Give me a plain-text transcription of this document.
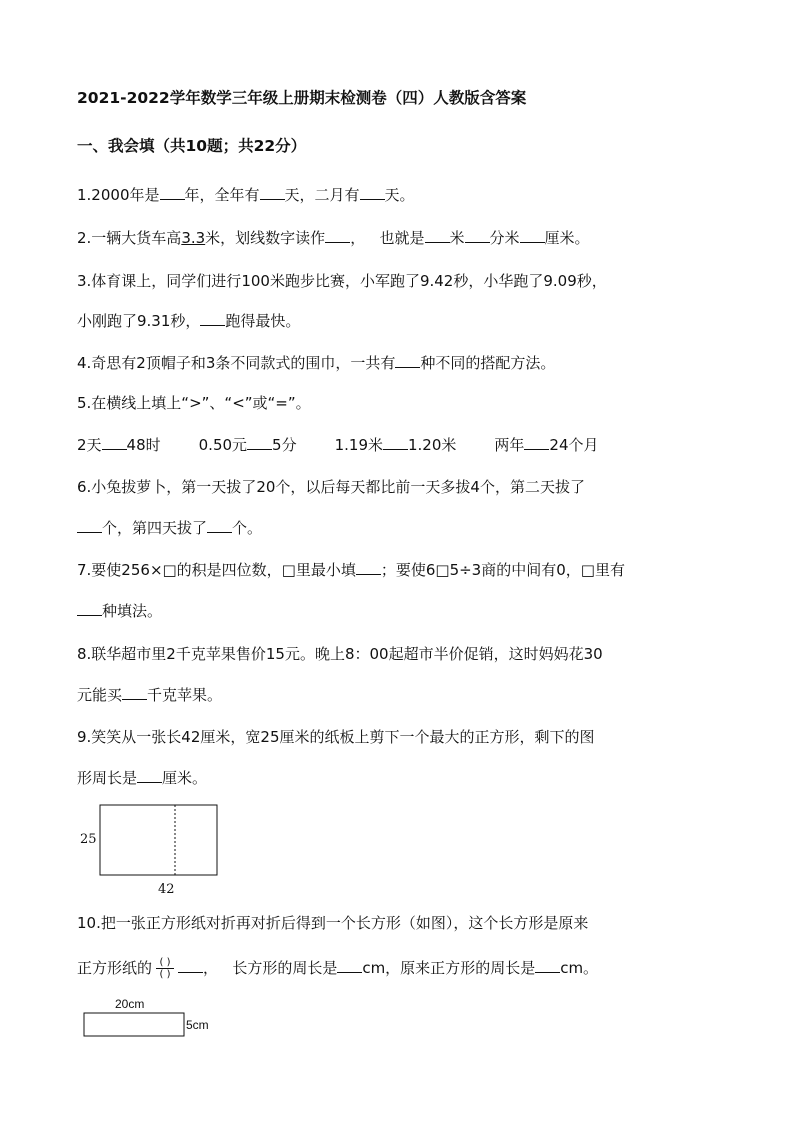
2021-2022学年数学三年级上册期末检测卷（四）人教版含答案
一、我会填（共10题；共22分）
1.2000年是 年，全年有 天，二月有 天。
2.一辆大货车高3.3米，划线数字读作 ，   也就是 米 分米 厘米。
3.体育课上，同学们进行100米跑步比赛，小军跑了9.42秒，小华跑了9.09秒，
小刚跑了9.31秒， 跑得最快。
4.奇思有2顶帽子和3条不同款式的围巾，一共有 种不同的搭配方法。
5.在横线上填上“>”、“<”或“=”。
2天 48时	0.50元 5分	1.19米 1.20米	两年 24个月
6.小兔拔萝卜，第一天拔了20个，以后每天都比前一天多拔4个，第二天拔了
个，第四天拔了 个。
7.要使256×□的积是四位数，□里最小填 ；要使6□5÷3商的中间有0，□里有
种填法。
8.联华超市里2千克苹果售价15元。晚上8：00起超市半价促销，这时妈妈花30
元能买 千克苹果。
9.笑笑从一张长42厘米，宽25厘米的纸板上剪下一个最大的正方形，剩下的图
形周长是 厘米。
25
42
10.把一张正方形纸对折再对折后得到一个长方形（如图），这个长方形是原来
正方形纸的 $\frac{( )}{( )}$ ，   长方形的周长是 cm，原来正方形的周长是 cm。
20cm
5cm
